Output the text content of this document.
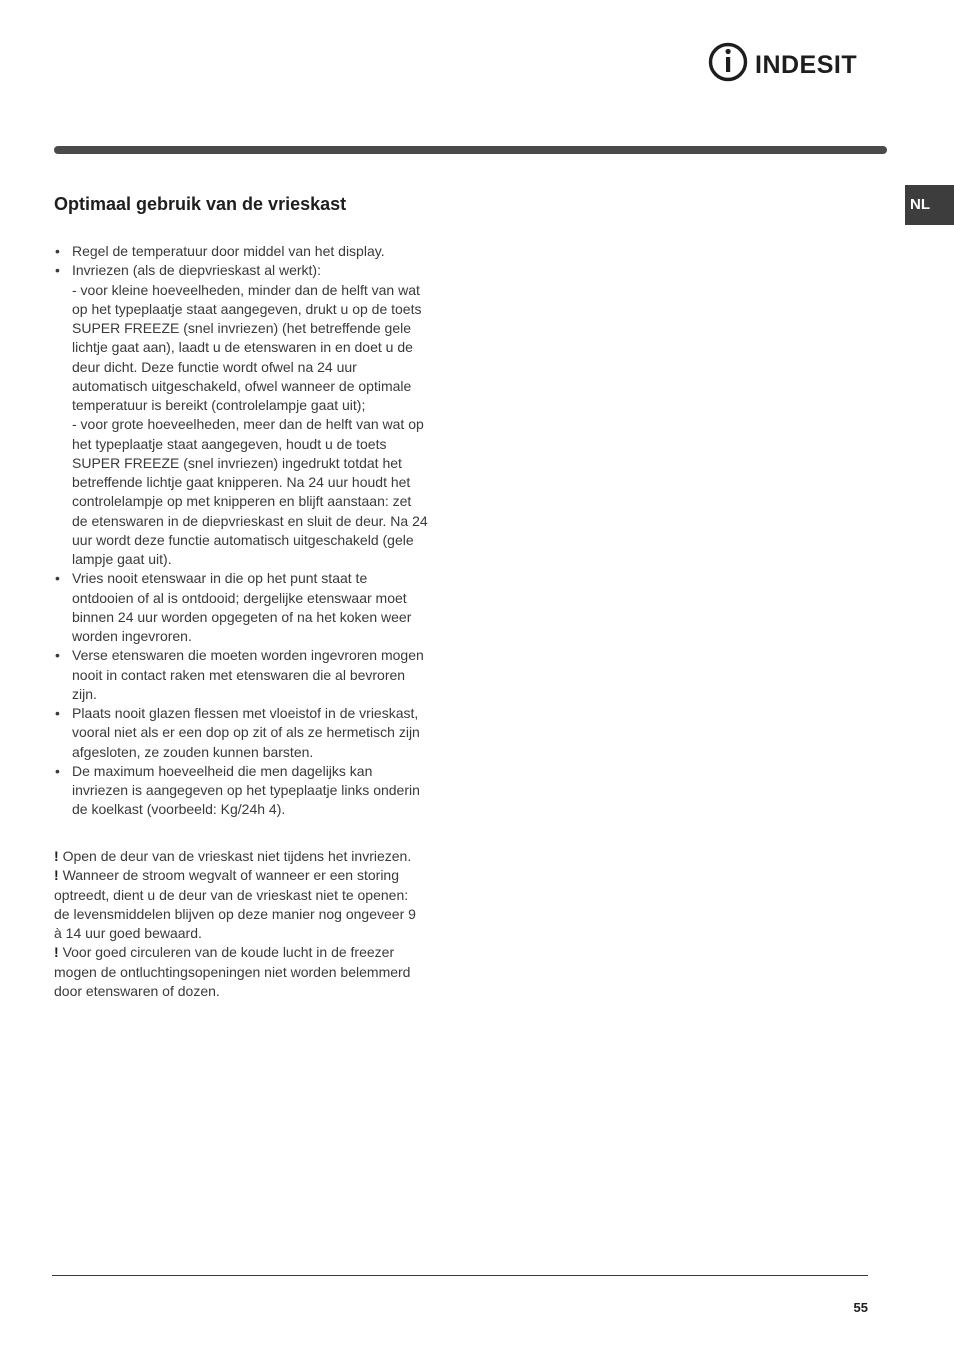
INDESIT
NL
Optimaal gebruik van de vrieskast
• Regel de temperatuur door middel van het display.
• Invriezen (als de diepvrieskast al werkt):
- voor kleine hoeveelheden, minder dan de helft van wat
op het typeplaatje staat aangegeven, drukt u op de toets
SUPER FREEZE (snel invriezen) (het betreffende gele
lichtje gaat aan), laadt u de etenswaren in en doet u de
deur dicht. Deze functie wordt ofwel na 24 uur
automatisch uitgeschakeld, ofwel wanneer de optimale
temperatuur is bereikt (controlelampje gaat uit);
- voor grote hoeveelheden, meer dan de helft van wat op
het typeplaatje staat aangegeven, houdt u de toets
SUPER FREEZE (snel invriezen) ingedrukt totdat het
betreffende lichtje gaat knipperen. Na 24 uur houdt het
controlelampje op met knipperen en blijft aanstaan: zet
de etenswaren in de diepvrieskast en sluit de deur. Na 24
uur wordt deze functie automatisch uitgeschakeld (gele
lampje gaat uit).
• Vries nooit etenswaar in die op het punt staat te
ontdooien of al is ontdooid; dergelijke etenswaar moet
binnen 24 uur worden opgegeten of na het koken weer
worden ingevroren.
• Verse etenswaren die moeten worden ingevroren mogen
nooit in contact raken met etenswaren die al bevroren
zijn.
• Plaats nooit glazen flessen met vloeistof in de vrieskast,
vooral niet als er een dop op zit of als ze hermetisch zijn
afgesloten, ze zouden kunnen barsten.
• De maximum hoeveelheid die men dagelijks kan
invriezen is aangegeven op het typeplaatje links onderin
de koelkast (voorbeeld: Kg/24h 4).
! Open de deur van de vrieskast niet tijdens het invriezen.
! Wanneer de stroom wegvalt of wanneer er een storing
optreedt, dient u de deur van de vrieskast niet te openen:
de levensmiddelen blijven op deze manier nog ongeveer 9
à 14 uur goed bewaard.
! Voor goed circuleren van de koude lucht in de freezer
mogen de ontluchtingsopeningen niet worden belemmerd
door etenswaren of dozen.
55
